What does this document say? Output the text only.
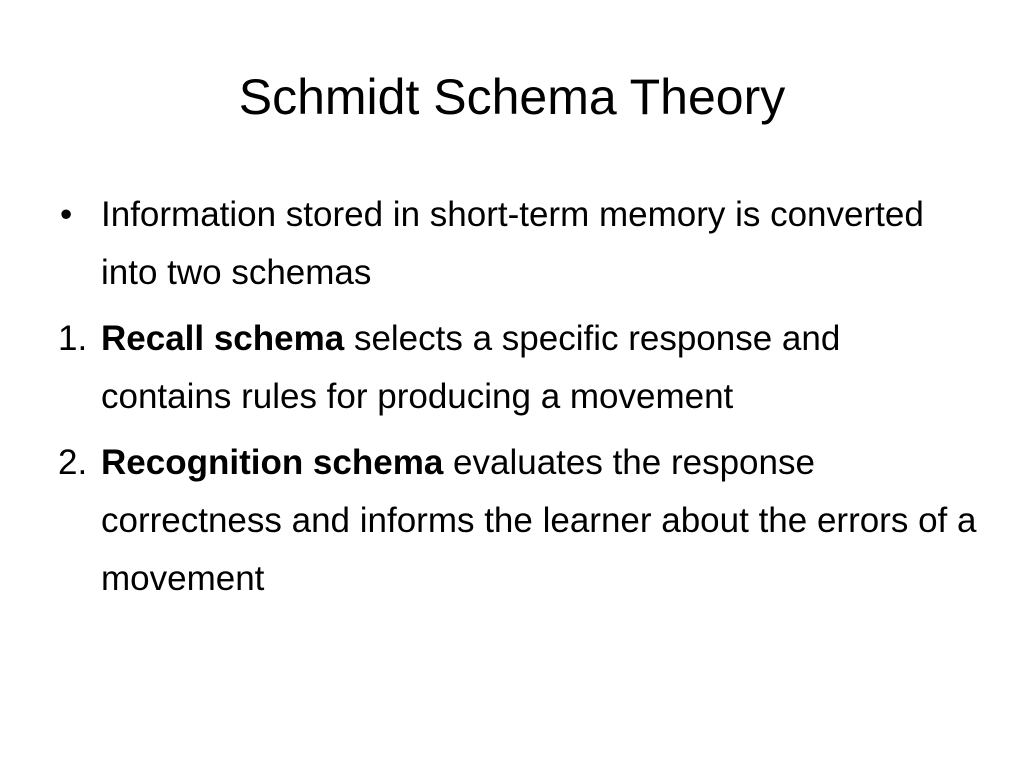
Schmidt Schema Theory
• Information stored in short-term memory is converted into two schemas
1. Recall schema selects a specific response and contains rules for producing a movement
2. Recognition schema evaluates the response correctness and informs the learner about the errors of a movement
